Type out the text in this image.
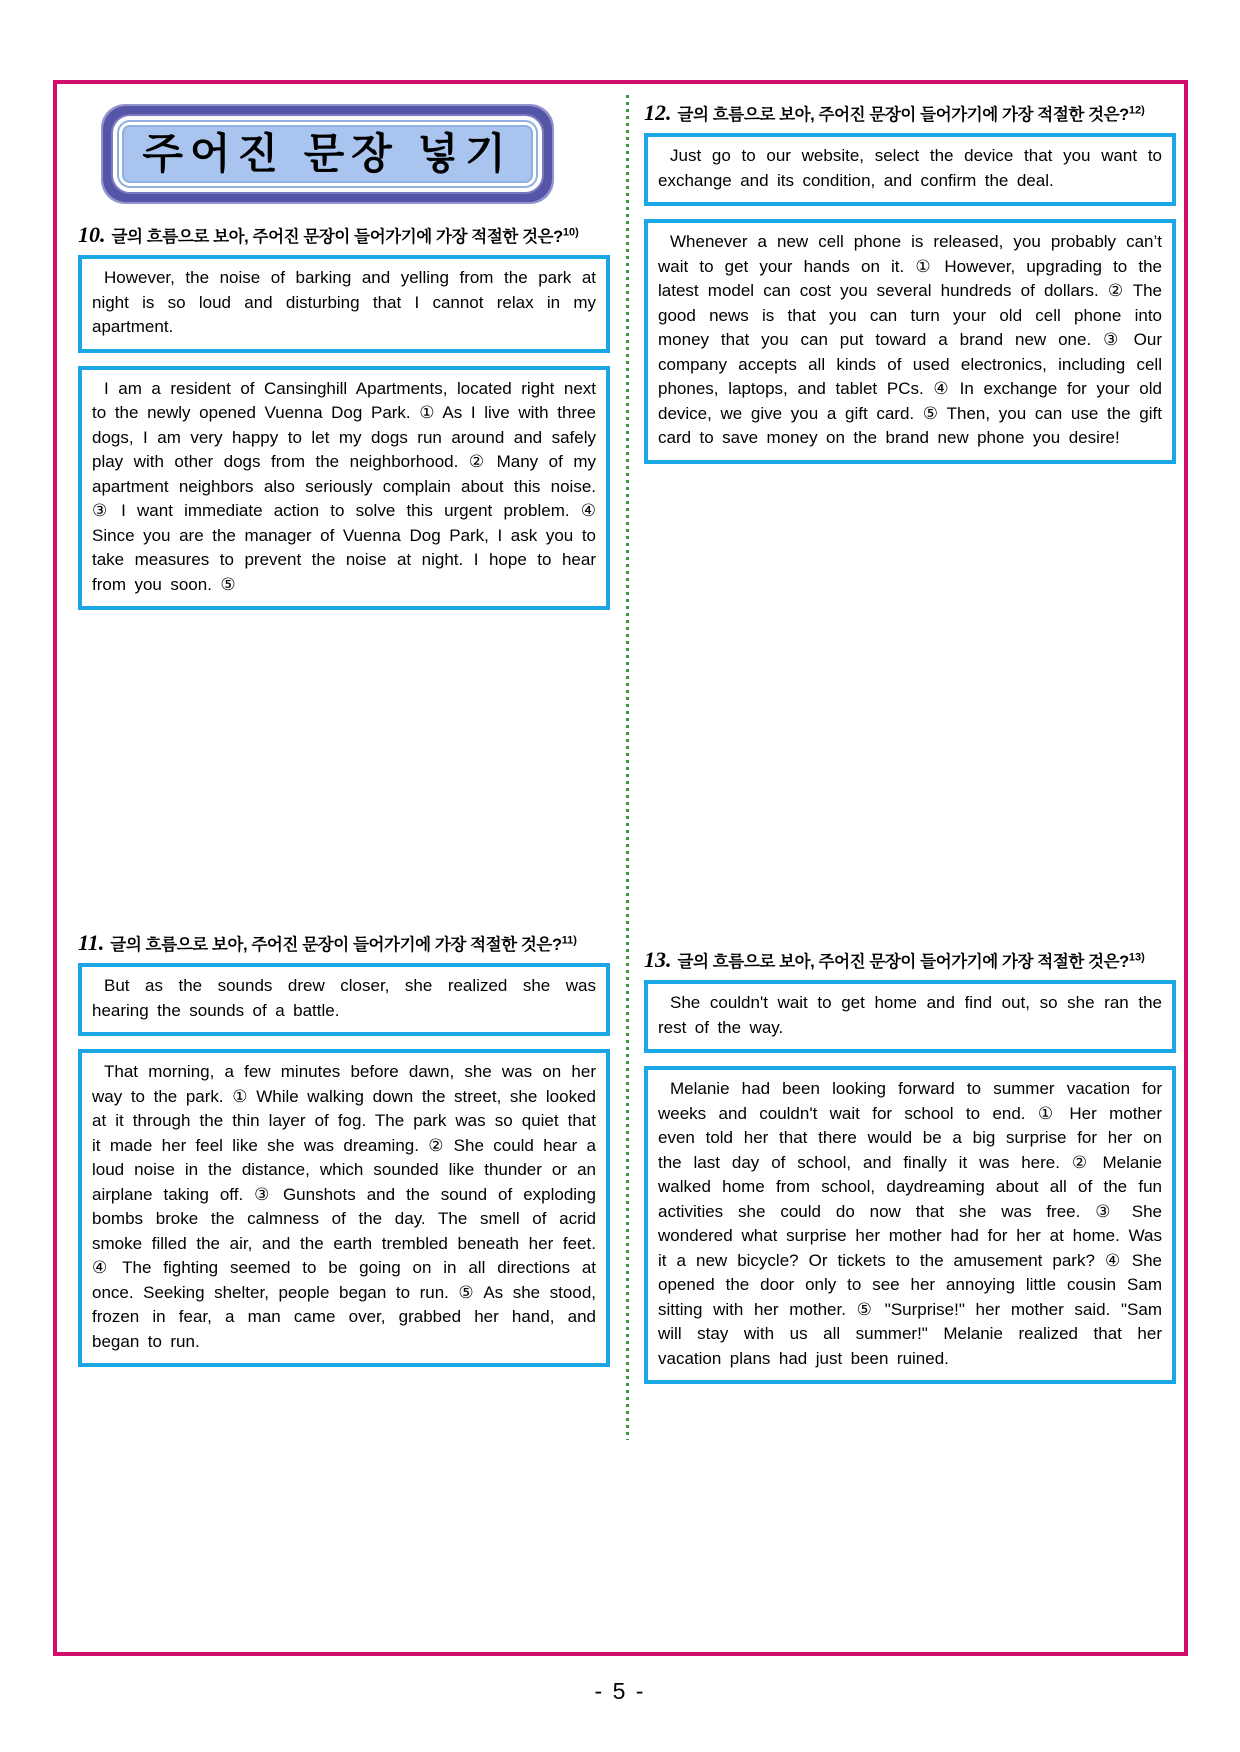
주어진 문장 넣기
10. 글의 흐름으로 보아, 주어진 문장이 들어가기에 가장 적절한 것은?$^{10)}$
However, the noise of barking and yelling from the park at night is so loud and disturbing that I cannot relax in my apartment.
I am a resident of Cansinghill Apartments, located right next to the newly opened Vuenna Dog Park. ① As I live with three dogs, I am very happy to let my dogs run around and safely play with other dogs from the neighborhood. ② Many of my apartment neighbors also seriously complain about this noise. ③ I want immediate action to solve this urgent problem. ④ Since you are the manager of Vuenna Dog Park, I ask you to take measures to prevent the noise at night. I hope to hear from you soon. ⑤
11. 글의 흐름으로 보아, 주어진 문장이 들어가기에 가장 적절한 것은?$^{11)}$
But as the sounds drew closer, she realized she was hearing the sounds of a battle.
That morning, a few minutes before dawn, she was on her way to the park. ① While walking down the street, she looked at it through the thin layer of fog. The park was so quiet that it made her feel like she was dreaming. ② She could hear a loud noise in the distance, which sounded like thunder or an airplane taking off. ③ Gunshots and the sound of exploding bombs broke the calmness of the day. The smell of acrid smoke filled the air, and the earth trembled beneath her feet. ④ The fighting seemed to be going on in all directions at once. Seeking shelter, people began to run. ⑤ As she stood, frozen in fear, a man came over, grabbed her hand, and began to run.
12. 글의 흐름으로 보아, 주어진 문장이 들어가기에 가장 적절한 것은?$^{12)}$
Just go to our website, select the device that you want to exchange and its condition, and confirm the deal.
Whenever a new cell phone is released, you probably can’t wait to get your hands on it. ① However, upgrading to the latest model can cost you several hundreds of dollars. ② The good news is that you can turn your old cell phone into money that you can put toward a brand new one. ③ Our company accepts all kinds of used electronics, including cell phones, laptops, and tablet PCs. ④ In exchange for your old device, we give you a gift card. ⑤ Then, you can use the gift card to save money on the brand new phone you desire!
13. 글의 흐름으로 보아, 주어진 문장이 들어가기에 가장 적절한 것은?$^{13)}$
She couldn't wait to get home and find out, so she ran the rest of the way.
Melanie had been looking forward to summer vacation for weeks and couldn't wait for school to end. ① Her mother even told her that there would be a big surprise for her on the last day of school, and finally it was here. ② Melanie walked home from school, daydreaming about all of the fun activities she could do now that she was free. ③ She wondered what surprise her mother had for her at home. Was it a new bicycle? Or tickets to the amusement park? ④ She opened the door only to see her annoying little cousin Sam sitting with her mother. ⑤ "Surprise!" her mother said. "Sam will stay with us all summer!" Melanie realized that her vacation plans had just been ruined.
- 5 -
